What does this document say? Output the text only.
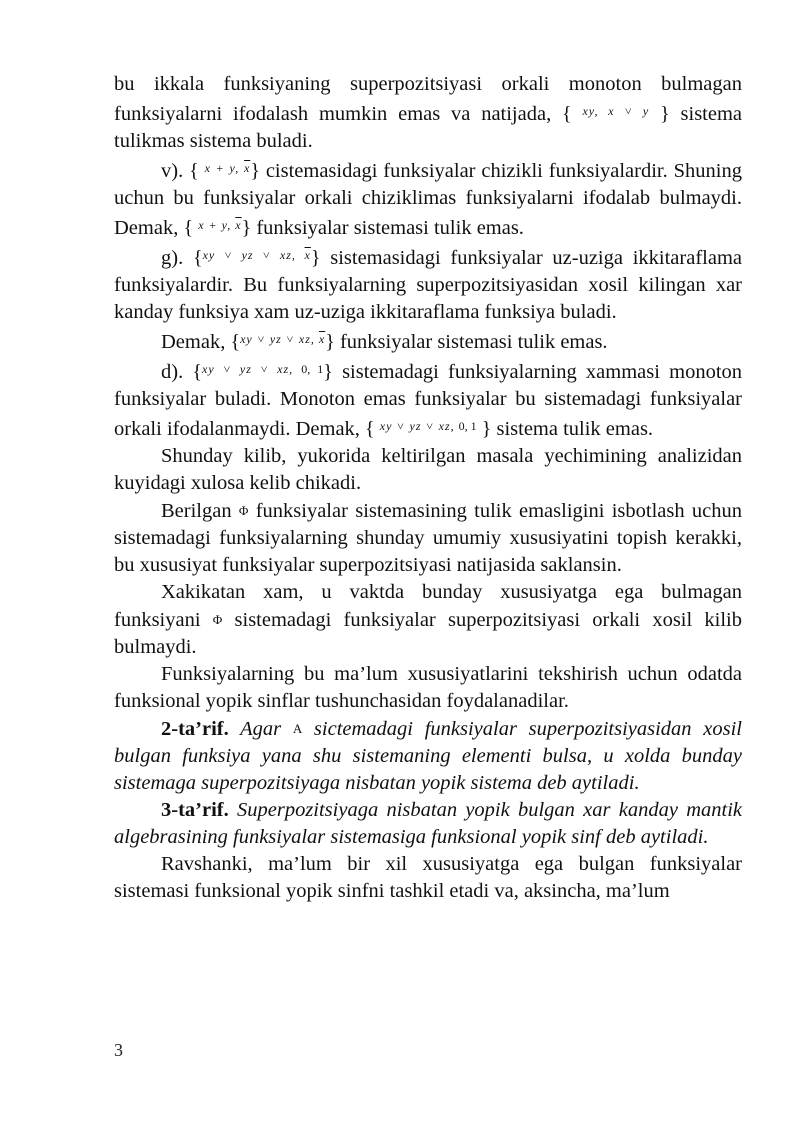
bu ikkala funksiyaning superpozitsiyasi orkali monoton bulmagan funksiyalarni ifodalash mumkin emas va natijada, { $^{xy, x ˅ y}$ } sistema tulikmas sistema buladi.

v). { $^{x + y,}$ $^{\overline{x}}$} cistemasidagi funksiyalar chizikli funksiyalardir. Shuning uchun bu funksiyalar orkali chiziklimas funksiyalarni ifodalab bulmaydi. Demak, { $^{x + y,}$ $^{\overline{x}}$} funksiyalar sistemasi tulik emas.

g). {$^{xy ˅ yz ˅ xz,}$ $^{\overline{x}}$} sistemasidagi funksiyalar uz-uziga ikkitaraflama funksiyalardir. Bu funksiyalarning superpozitsiyasidan xosil kilingan xar kanday funksiya xam uz-uziga ikkitaraflama funksiya buladi.

Demak, {$^{xy ˅ yz ˅ xz,}$ $^{\overline{x}}$} funksiyalar sistemasi tulik emas.

d). {$^{xy ˅ yz ˅ xz,}$ $^{0, 1}$} sistemadagi funksiyalarning xammasi monoton funksiyalar buladi. Monoton emas funksiyalar bu sistemadagi funksiyalar orkali ifodalanmaydi. Demak, { $^{xy ˅ yz ˅ xz,}$ $^{0, 1}$ } sistema tulik emas.

Shunday kilib, yukorida keltirilgan masala yechimining analizidan kuyidagi xulosa kelib chikadi.

Berilgan Φ funksiyalar sistemasining tulik emasligini isbotlash uchun sistemadagi funksiyalarning shunday umumiy xususiyatini topish kerakki, bu xususiyat funksiyalar superpozitsiyasi natijasida saklansin.

Xakikatan xam, u vaktda bunday xususiyatga ega bulmagan funksiyani Φ sistemadagi funksiyalar superpozitsiyasi orkali xosil kilib bulmaydi.

Funksiyalarning bu ma’lum xususiyatlarini tekshirish uchun odatda funksional yopik sinflar tushunchasidan foydalanadilar.

2-ta’rif. Agar A sictemadagi funksiyalar superpozitsiyasidan xosil bulgan funksiya yana shu sistemaning elementi bulsa, u xolda bunday sistemaga superpozitsiyaga nisbatan yopik sistema deb aytiladi.

3-ta’rif. Superpozitsiyaga nisbatan yopik bulgan xar kanday mantik algebrasining funksiyalar sistemasiga funksional yopik sinf deb aytiladi.

Ravshanki, ma’lum bir xil xususiyatga ega bulgan funksiyalar sistemasi funksional yopik sinfni tashkil etadi va, aksincha, ma’lum

3
